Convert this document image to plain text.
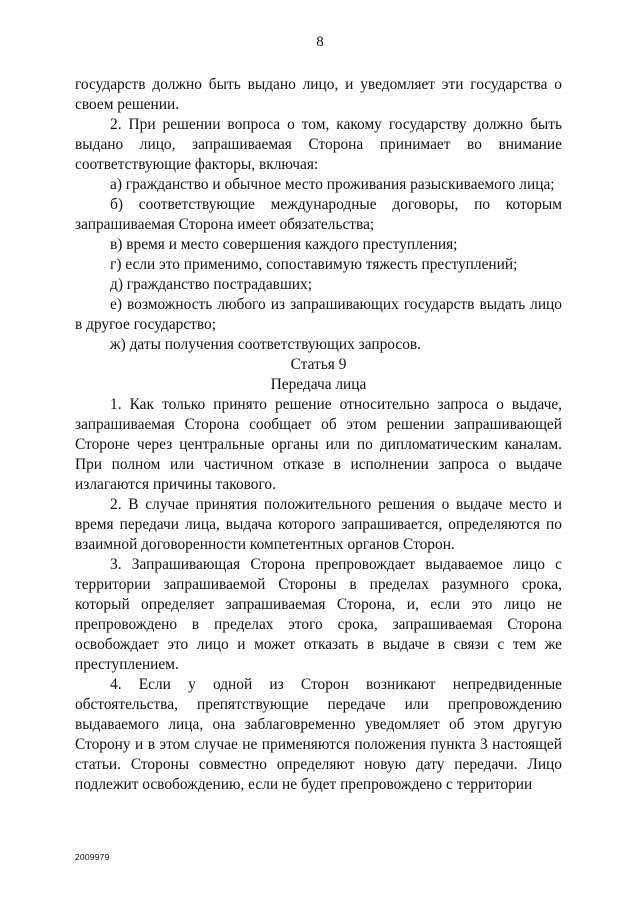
8

государств должно быть выдано лицо, и уведомляет эти государства о своем решении.

2. При решении вопроса о том, какому государству должно быть выдано лицо, запрашиваемая Сторона принимает во внимание соответствующие факторы, включая:

а) гражданство и обычное место проживания разыскиваемого лица;

б) соответствующие международные договоры, по которым запрашиваемая Сторона имеет обязательства;

в) время и место совершения каждого преступления;

г) если это применимо, сопоставимую тяжесть преступлений;

д) гражданство пострадавших;

е) возможность любого из запрашивающих государств выдать лицо в другое государство;

ж) даты получения соответствующих запросов.

Статья 9

Передача лица

1. Как только принято решение относительно запроса о выдаче, запрашиваемая Сторона сообщает об этом решении запрашивающей Стороне через центральные органы или по дипломатическим каналам. При полном или частичном отказе в исполнении запроса о выдаче излагаются причины такового.

2. В случае принятия положительного решения о выдаче место и время передачи лица, выдача которого запрашивается, определяются по взаимной договоренности компетентных органов Сторон.

3. Запрашивающая Сторона препровождает выдаваемое лицо с территории запрашиваемой Стороны в пределах разумного срока, который определяет запрашиваемая Сторона, и, если это лицо не препровождено в пределах этого срока, запрашиваемая Сторона освобождает это лицо и может отказать в выдаче в связи с тем же преступлением.

4. Если у одной из Сторон возникают непредвиденные обстоятельства, препятствующие передаче или препровождению выдаваемого лица, она заблаговременно уведомляет об этом другую Сторону и в этом случае не применяются положения пункта 3 настоящей статьи. Стороны совместно определяют новую дату передачи. Лицо подлежит освобождению, если не будет препровождено с территории

2009979
